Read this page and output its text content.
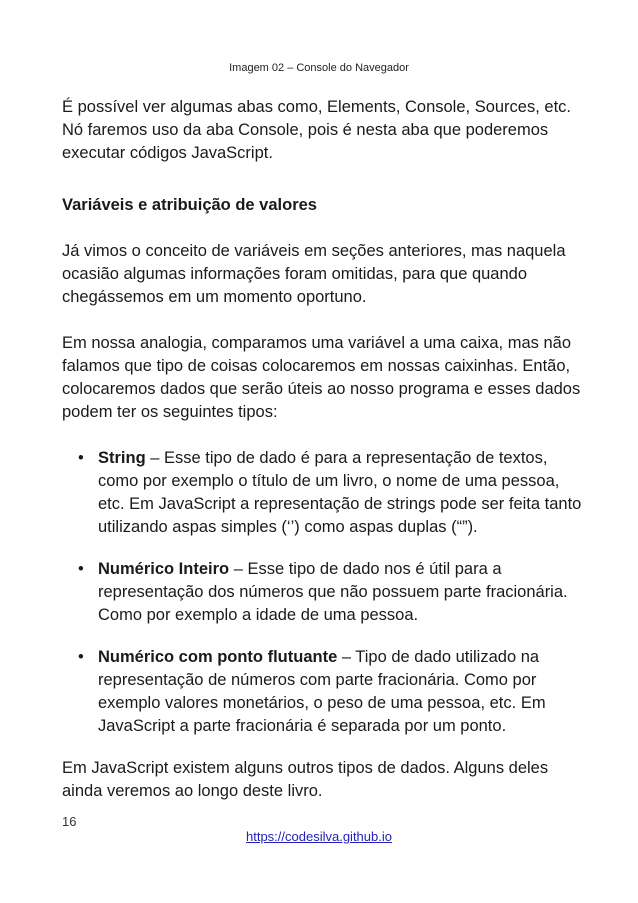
Imagem 02 – Console do Navegador

É possível ver algumas abas como, Elements, Console, Sources, etc. Nó faremos uso da aba Console, pois é nesta aba que poderemos executar códigos JavaScript.

Variáveis e atribuição de valores

Já vimos o conceito de variáveis em seções anteriores, mas naquela ocasião algumas informações foram omitidas, para que quando chegássemos em um momento oportuno.

Em nossa analogia, comparamos uma variável a uma caixa, mas não falamos que tipo de coisas colocaremos em nossas caixinhas. Então, colocaremos dados que serão úteis ao nosso programa e esses dados podem ter os seguintes tipos:

• String – Esse tipo de dado é para a representação de textos, como por exemplo o título de um livro, o nome de uma pessoa, etc. Em JavaScript a representação de strings pode ser feita tanto utilizando aspas simples (‘’) como aspas duplas (“”).
• Numérico Inteiro – Esse tipo de dado nos é útil para a representação dos números que não possuem parte fracionária. Como por exemplo a idade de uma pessoa.
• Numérico com ponto flutuante – Tipo de dado utilizado na representação de números com parte fracionária. Como por exemplo valores monetários, o peso de uma pessoa, etc. Em JavaScript a parte fracionária é separada por um ponto.

Em JavaScript existem alguns outros tipos de dados. Alguns deles ainda veremos ao longo deste livro.

16
https://codesilva.github.io
